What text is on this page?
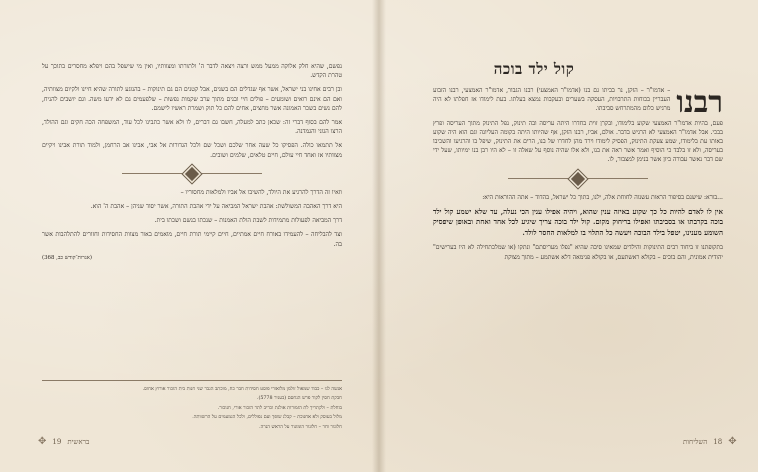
נפשם, שהיא חלק אלוקה ממעל ממש ורצה ויצאה לדבר ה' ולתורתו ומצוותיו, ואין מי שישפל בהם ויפלא מחסרים בתוכך על טהרת הקדש.

ובן רבים אחינו בני ישראל, אשר אף שגדלים הם בשנים, אבל קטנים הם גם תינוקות – בהנוגע לתורה שהיא חיינו ולקיום מצוותיה, ואם הם אינם רואים ושומעים – פולים חיי ובנים מתוך ערב שקמות נפשות – שלפעמים גם לא ידעו משה. וגם יושבים להניח, להם נשים בשכר האמונה אשר מחצים, אחים להם כל תוק ושמרת ראשיו לישמם.

אמר להם בסוף דברי זה: שכאן כתב למעלה, חשבו גם דברים, לו ולא אשר כתבינו לכל עוד, המשפחה הכה חקים וגם ההולד, הרצו הגוני והגמדנה.

אל תתמאו כולה. הפסיקו כל שעה אחר שלכם ושכל שם ולכל הגדורות אל אבי, אבינו אב הרחמן, ולמוד תורת אבינו ויקיים מצוותיו אז ואחד חיי עולם, חיים טלאים, שלמים ושובים.

וזאיו זה הדרך להרגיע את היולד, להשיבו אל אביו ולמלאות מחסוריו –

היא דרך האהבה המשולשת: אהבת ישראל המביאה על ידי אהבת התורה, אשר יסוד שניהן – אהבת ה' הוא.

דרך המביאה לפעולות מתמידות לשבת הולת האמנות – שנכתו בנשם ושכתו בית.

וצד להבליחה – להעמידו באורח חיים אמתיים, חיים קיימי תורת חיים, מואמים באור מצוות החסידות וחזורים להתלהבות אשר בה.

(אגרות־קודש כב, 368)

אנשה לנו – כבוד שמאול זולמן מלואורי פוסט חסידות חבר כח, מוכתב הגבר שני חנות בית הזכור אורוץ אחוס.

חבקת חסין לקור פרש הנחסם (בעניר 5778).

בוחלת – ולקתריך לת הזמורות אולגת וכריב לתר הזכור אורי, חנוכור.

מלול בעוסק ולא אחנוכת – קבלנ שופך ועם נפוללים, ולכל הגמעמים על הרשוותה.

חלונור וחר – חלונור הומונור על הראש הנרה.

✥ 19 בראשית
קול ילד בוכה

רבנו
– אדמו"ר – הזקן, נר בביתו גם בנו (אדמו"ר האמצעי) רבנו הגבור, אדמו"ר האמצעי, רבנו הזבוע העבריין בכוחות התרבויות, העסקה בשערים ובעקבות נמצא בעלתו. בעת לימודו אז חפלתו לא היה מרגיש כלום מהמתרחש סביבתו.

פעם, בהיות אדמו"ר האמצעי שקוע בלימודו, ובקרן זוית בחדרו היתה עריסה ובה תינוק, נפל התינוק מתוך העריסה ופרץ בבכי. אבל אדמו"ר האמצעי לא הרגיש בדבר. אולם, אביו, רבנו הזקן, אף שהיותו היתה בקומה העליונה וגם הוא היה שקוע באותו עת בלימודו, שמע צעקת התינוק, הפסיק לימודו וירד מהן לחדרו של בנו, הרים את התינוק, שיפל בו והרגיעו והשכיבו בעריסה, ולא זו בלבד כי הוסיף ואמר אשר ראה את בנו, ולא אלו שהיה נוסף על שאלה זו – לא היו רבן בנו ימיותו, שעל ידי שם דבר נאשר עבורה ביון אשר בנימן למצבור, לו.

...בורא: שישנם בסיפור הראות עשנוה לחוחת אלה, ילנו, בתוך כל ישראל, בהדוד – אתה ההוראות היא:

אין לו לאדם להיות כל כך שקוע באיזה ענין שהוא, ויהיה אפילו ענין הכי נעלה, עד שלא ישמע קול ילד בוכה בקרבתו או בסביבתו ואפילו בריחוק מקום. קול ילד בוכה צריך שיגיע לכל אחד ואחת ובאופן שיפסיק השומע מענינו, יטפל בילד הבוכה ויעשה כל התלוי בו למלאות החסר לולד.

בתקופתנו זו ביחוד רבים התינוקות והילדים שמאינו סיבה שהיא "נפלו מעריסתם" ונתקו (או שמלכתחילה לא היו בערישים" יהודית אמונית, והם בוכים – בקולא ראשתעם, או בקולא פנימאה דלא אשתמע – מתוך מצוקת

✥
18
השליחות
